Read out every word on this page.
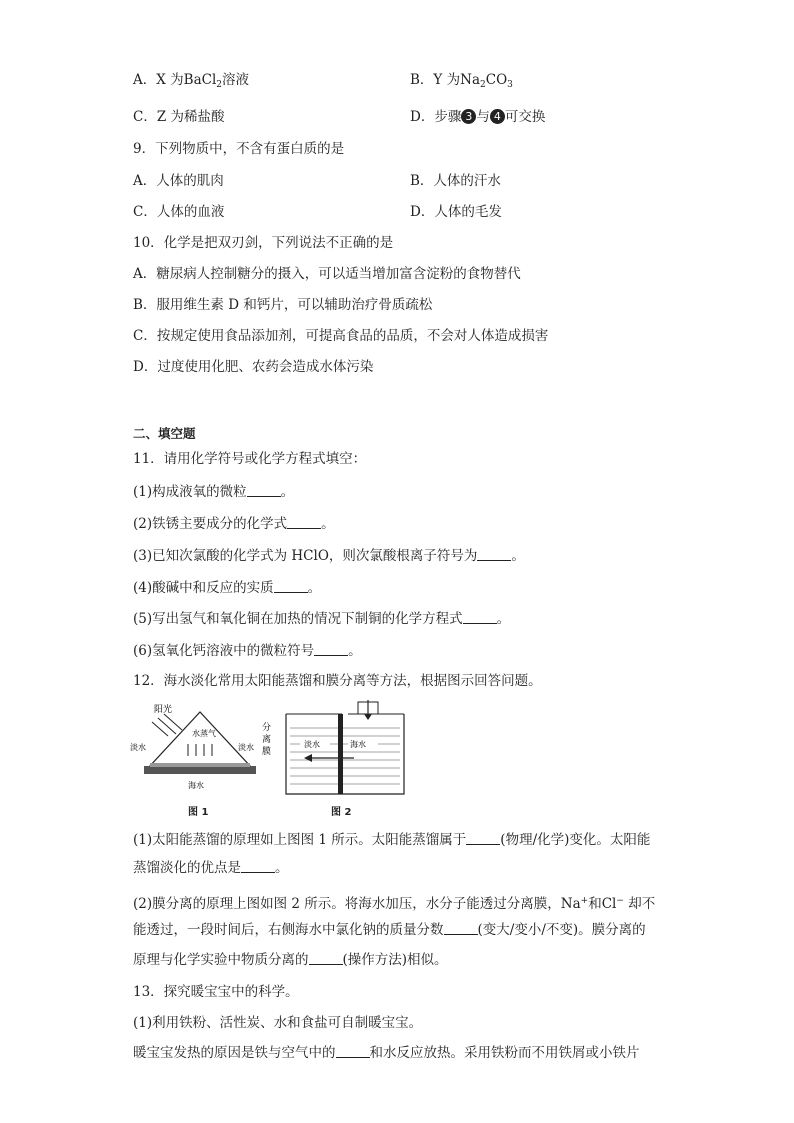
A．X 为BaCl$_2$溶液	B．Y 为$Na_2CO_3$
C．Z 为稀盐酸	D．步骤 3 与 4 可交换
9．下列物质中，不含有蛋白质的是
A．人体的肌肉	B．人体的汗水
C．人体的血液	D．人体的毛发
10．化学是把双刃剑，下列说法不正确的是
A．糖尿病人控制糖分的摄入，可以适当增加富含淀粉的食物替代
B．服用维生素 D 和钙片，可以辅助治疗骨质疏松
C．按规定使用食品添加剂，可提高食品的品质，不会对人体造成损害
D．过度使用化肥、农药会造成水体污染
二、填空题
11．请用化学符号或化学方程式填空：
(1)构成液氧的微粒	。
(2)铁锈主要成分的化学式	。
(3)已知次氯酸的化学式为 HClO，则次氯酸根离子符号为	。
(4)酸碱中和反应的实质	。
(5)写出氢气和氧化铜在加热的情况下制铜的化学方程式	。
(6)氢氧化钙溶液中的微粒符号	。
12．海水淡化常用太阳能蒸馏和膜分离等方法，根据图示回答问题。
阳光
水蒸气
淡水	淡水
海水
图 1
分
离
膜
淡水	海水
图 2
(1)太阳能蒸馏的原理如上图图 1 所示。太阳能蒸馏属于	(物理/化学)变化。太阳能
蒸馏淡化的优点是	。
(2)膜分离的原理上图如图 2 所示。将海水加压，水分子能透过分离膜，Na+和Cl− 却不
能透过，一段时间后，右侧海水中氯化钠的质量分数	(变大/变小/不变)。膜分离的
原理与化学实验中物质分离的	(操作方法)相似。
13．探究暖宝宝中的科学。
(1)利用铁粉、活性炭、水和食盐可自制暖宝宝。
暖宝宝发热的原因是铁与空气中的	和水反应放热。采用铁粉而不用铁屑或小铁片
